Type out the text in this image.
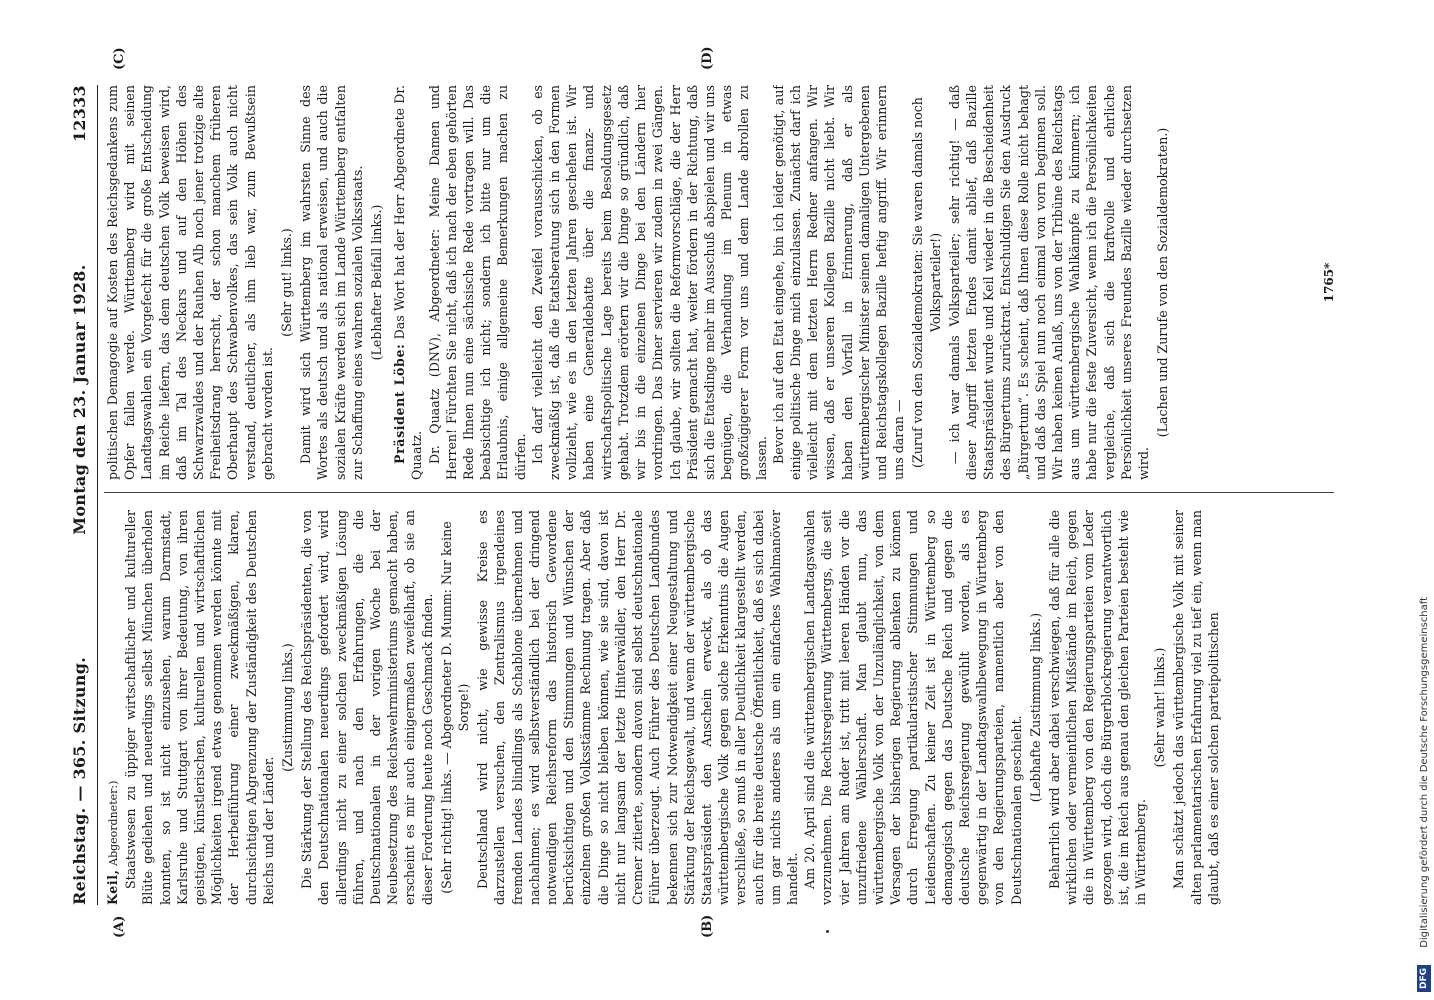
Reichstag. — 365. Sitzung.
Montag den 23. Januar 1928.
12333
(A)	(B)
(C)	(D)

Keil, Abgeordneter:) Staatswesen zu üppiger wirtschaftlicher und kultureller Blüte gediehen und neuerdings selbst München überholen konnten, so ist nicht einzusehen, warum Darmstadt, Karlsruhe und Stuttgart von ihrer Bedeutung, von ihren geistigen, künstlerischen, kulturellen und wirtschaftlichen Möglichkeiten irgend etwas genommen werden könnte mit der Herbeiführung einer zweckmäßigen, klaren, durchsichtigen Abgrenzung der Zuständigkeit des Deutschen Reichs und der Länder.

(Zustimmung links.) Die Stärkung der Stellung des Reichspräsidenten, die von den Deutschnationalen neuerdings gefordert wird, wird allerdings nicht zu einer solchen zweckmäßigen Lösung führen, und nach den Erfahrungen, die die Deutschnationalen in der vorigen Woche bei der Neubesetzung des Reichswehrministeriums gemacht haben, erscheint es mir auch einigermaßen zweifelhaft, ob sie an dieser Forderung heute noch Geschmack finden. (Sehr richtig! links. — Abgeordneter D. Mumm: Nur keine Sorge!) Deutschland wird nicht, wie gewisse Kreise es darzustellen versuchen, den Zentralismus irgendeines fremden Landes blindlings als Schablone übernehmen und nachahmen; es wird selbstverständlich bei der dringend notwendigen Reichsreform das historisch Gewordene berücksichtigen und den Stimmungen und Wünschen der einzelnen großen Volksstämme Rechnung tragen. Aber daß die Dinge so nicht bleiben können, wie sie sind, davon ist nicht nur langsam der letzte Hinterwäldler, den Herr Dr. Cremer zitierte, sondern davon sind selbst deutschnationale Führer überzeugt. Auch Führer des Deutschen Landbundes bekennen sich zur Notwendigkeit einer Neugestaltung und Stärkung der Reichsgewalt, und wenn der württembergische Staatspräsident den Anschein erweckt, als ob das württembergische Volk gegen solche Erkenntnis die Augen verschließe, so muß in aller Deutlichkeit klargestellt werden, auch für die breite deutsche Öffentlichkeit, daß es sich dabei um gar nichts anderes als um ein einfaches Wahlmanöver handelt. Am 20. April sind die württembergischen Landtagswahlen vorzunehmen. Die Rechtsregierung Württembergs, die seit vier Jahren am Ruder ist, tritt mit leeren Händen vor die unzufriedene Wählerschaft. Man glaubt nun, das württembergische Volk von der Unzulänglichkeit, von dem Versagen der bisherigen Regierung ablenken zu können durch Erregung partikularistischer Stimmungen und Leidenschaften. Zu keiner Zeit ist in Württemberg so demagogisch gegen das Deutsche Reich und gegen die deutsche Reichsregierung gewühlt worden, als es gegenwärtig in der Landtagswahlbewegung in Württemberg von den Regierungsparteien, namentlich aber von den Deutschnationalen geschieht.

(Lebhafte Zustimmung links.) Beharrlich wird aber dabei verschwiegen, daß für alle die wirklichen oder vermeintlichen Mißstände im Reich, gegen die in Württemberg von den Regierungsparteien vom Leder gezogen wird, doch die Bürgerblockregierung verantwortlich ist, die im Reich aus genau den gleichen Parteien besteht wie in Württemberg.

(Sehr wahr! links.) Man schätzt jedoch das württembergische Volk mit seiner alten parlamentarischen Erfahrung viel zu tief ein, wenn man glaubt, daß es einer solchen parteipolitischen

politischen Demagogie auf Kosten des Reichsgedankens zum Opfer fallen werde. Württemberg wird mit seinen Landtagswahlen ein Vorgefecht für die große Entscheidung im Reiche liefern, das dem deutschen Volk beweisen wird, daß im Tal des Neckars und auf den Höhen des Schwarzwaldes und der Rauhen Alb noch jener trotzige alte Freiheitsdrang herrscht, der schon manchem früheren Oberhaupt des Schwabenvolkes, das sein Volk auch nicht verstand, deutlicher, als ihm lieb war, zum Bewußtsein gebracht worden ist.

(Sehr gut! links.) Damit wird sich Württemberg im wahrsten Sinne des Wortes als deutsch und als national erweisen, und auch die sozialen Kräfte werden sich im Lande Württemberg entfalten zur Schaffung eines wahren sozialen Volksstaats. (Lebhafter Beifall links.)

Präsident Löbe: Das Wort hat der Herr Abgeordnete Dr. Quaatz. Dr. Quaatz (DNV), Abgeordneter: Meine Damen und Herren! Fürchten Sie nicht, daß ich nach der eben gehörten Rede Ihnen nun eine sächsische Rede vortragen will. Das beabsichtige ich nicht; sondern ich bitte nur um die Erlaubnis, einige allgemeine Bemerkungen machen zu dürfen. Ich darf vielleicht den Zweifel vorausschicken, ob es zweckmäßig ist, daß die Etatsberatung sich in den Formen vollzieht, wie es in den letzten Jahren geschehen ist. Wir haben eine Generaldebatte über die finanz- und wirtschaftspolitische Lage bereits beim Besoldungsgesetz gehabt. Trotzdem erörtern wir die Dinge so gründlich, daß wir bis in die einzelnen Dinge bei den Ländern hier vordringen. Das Diner servieren wir zudem in zwei Gängen. Ich glaube, wir sollten die Reformvorschläge, die der Herr Präsident gemacht hat, weiter fördern in der Richtung, daß sich die Etatsdinge mehr im Ausschuß abspielen und wir uns begnügen, die Verhandlung im Plenum in etwas großzügigerer Form vor uns und dem Lande abrollen zu lassen. Bevor ich auf den Etat eingehe, bin ich leider genötigt, auf einige politische Dinge mich einzulassen. Zunächst darf ich vielleicht mit dem letzten Herrn Redner anfangen. Wir wissen, daß er unseren Kollegen Bazille nicht liebt. Wir haben den Vorfall in Erinnerung, daß er als württembergischer Minister seinen damaligen Untergebenen und Reichstagskollegen Bazille heftig angriff. Wir erinnern uns daran — (Zuruf von den Sozialdemokraten: Sie waren damals noch Volksparteiler!) — ich war damals Volksparteiler; sehr richtig! — daß dieser Angriff letzten Endes damit ablief, daß Bazille Staatspräsident wurde und Keil wieder in die Bescheidenheit des Bürgertums zurücktrat. Entschuldigen Sie den Ausdruck „Bürgertum“. Es scheint, daß Ihnen diese Rolle nicht behagt und daß das Spiel nun noch einmal von vorn beginnen soll. Wir haben keinen Anlaß, uns von der Tribüne des Reichstags aus um württembergische Wahlkämpfe zu kümmern; ich habe nur die feste Zuversicht, wenn ich die Persönlichkeiten vergleiche, daß sich die kraftvolle und ehrliche Persönlichkeit unseres Freundes Bazille wieder durchsetzen wird.

(Lachen und Zurufe von den Sozialdemokraten.)	1765*
DFG Digitalisierung gefördert durch die Deutsche Forschungsgemeinschaft
